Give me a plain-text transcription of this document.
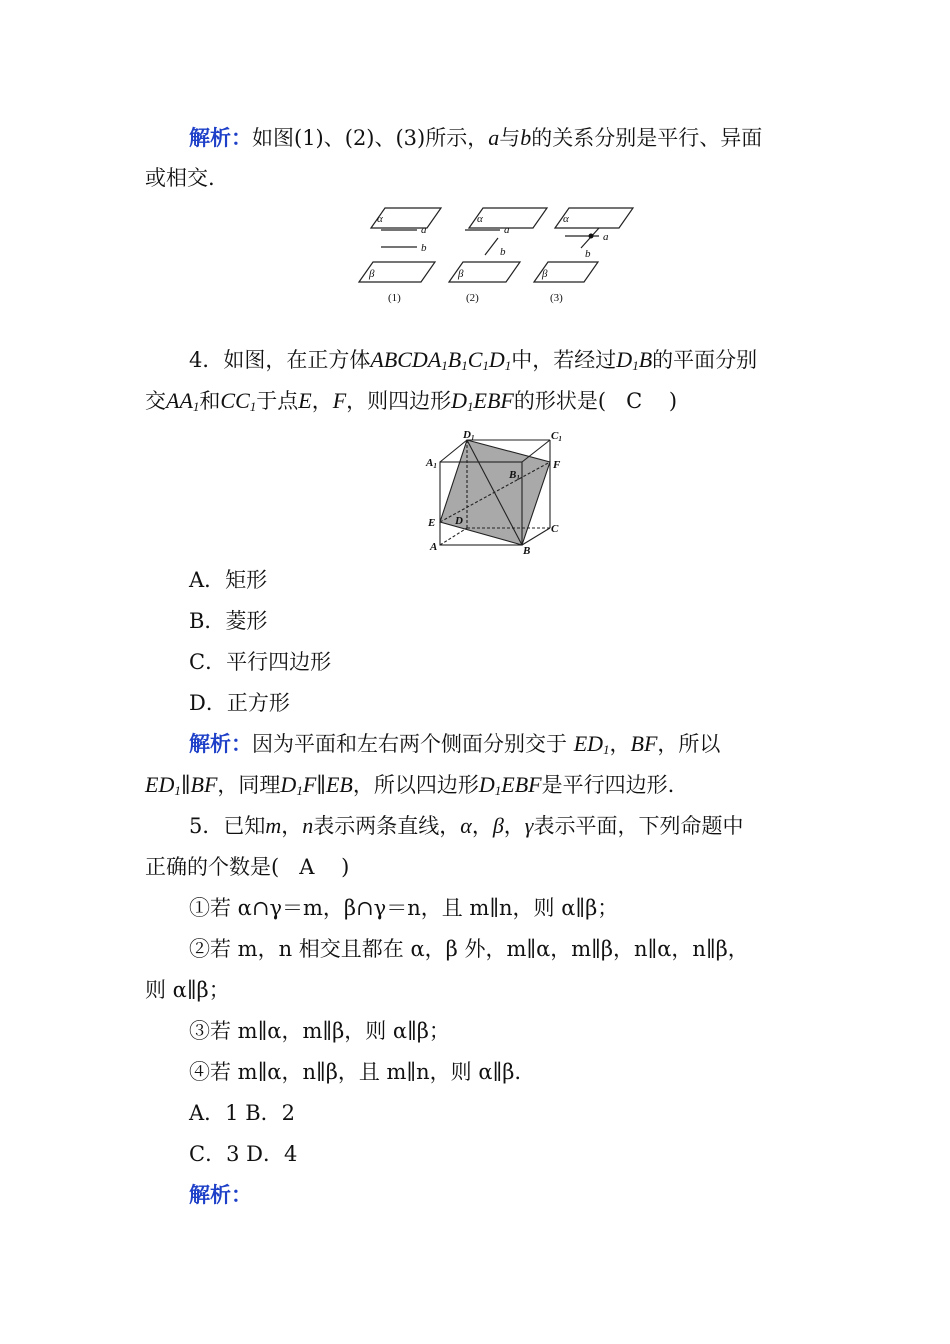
解析：如图(1)、(2)、(3)所示，a与b的关系分别是平行、异面
或相交.
α
a
b
β
α
a
b
β
α
a
b
β
(1)	(2)	(3)
4．如图，在正方体$ABCDA_1B_1C_1D_1$中，若经过$D_1B$的平面分别
交$AA_1$和$CC_1$于点E，F，则四边形$D_1EBF$的形状是( C )
D1	C1
A1	F
B1
E D
C
A	B
A．矩形
B．菱形
C．平行四边形
D．正方形
解析：因为平面和左右两个侧面分别交于 $ED_1$，BF，所以
$ED_1\parallel BF$，同理$D_1F\parallel EB$，所以四边形$D_1EBF$是平行四边形.
5．已知m，n表示两条直线，α，β，γ表示平面，下列命题中
正确的个数是( A )
①若 α∩γ＝m，β∩γ＝n，且 m∥n，则 α∥β；
②若 m，n 相交且都在 α，β 外，m∥α，m∥β，n∥α，n∥β，
则 α∥β；
③若 m∥α，m∥β，则 α∥β；
④若 m∥α，n∥β，且 m∥n，则 α∥β.
A．1 B．2
C．3 D．4
解析：
